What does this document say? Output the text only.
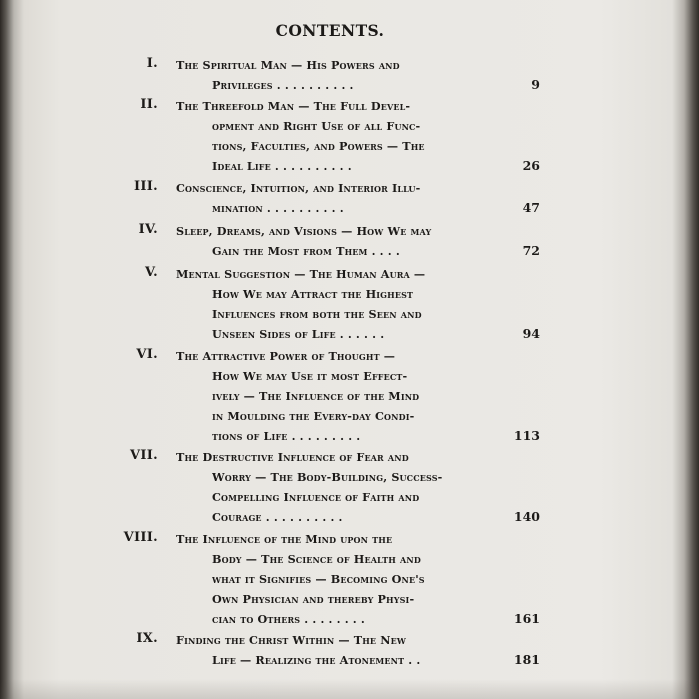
CONTENTS.
I. The Spiritual Man — His Powers and
Privileges . . . . . . . . . .	9
II. The Threefold Man — The Full Devel-
opment and Right Use of all Func-
tions, Faculties, and Powers — The
Ideal Life . . . . . . . . . .	26
III. Conscience, Intuition, and Interior Illu-
mination . . . . . . . . . .	47
IV. Sleep, Dreams, and Visions — How We may
Gain the Most from Them . . . .	72
V. Mental Suggestion — The Human Aura —
How We may Attract the Highest
Influences from both the Seen and
Unseen Sides of Life . . . . . .	94
VI. The Attractive Power of Thought —
How We may Use it most Effect-
ively — The Influence of the Mind
in Moulding the Every-day Condi-
tions of Life . . . . . . . . .	113
VII. The Destructive Influence of Fear and
Worry — The Body-Building, Success-
Compelling Influence of Faith and
Courage . . . . . . . . . .	140
VIII. The Influence of the Mind upon the
Body — The Science of Health and
what it Signifies — Becoming One's
Own Physician and thereby Physi-
cian to Others . . . . . . . .	161
IX. Finding the Christ Within — The New
Life — Realizing the Atonement . .	181
